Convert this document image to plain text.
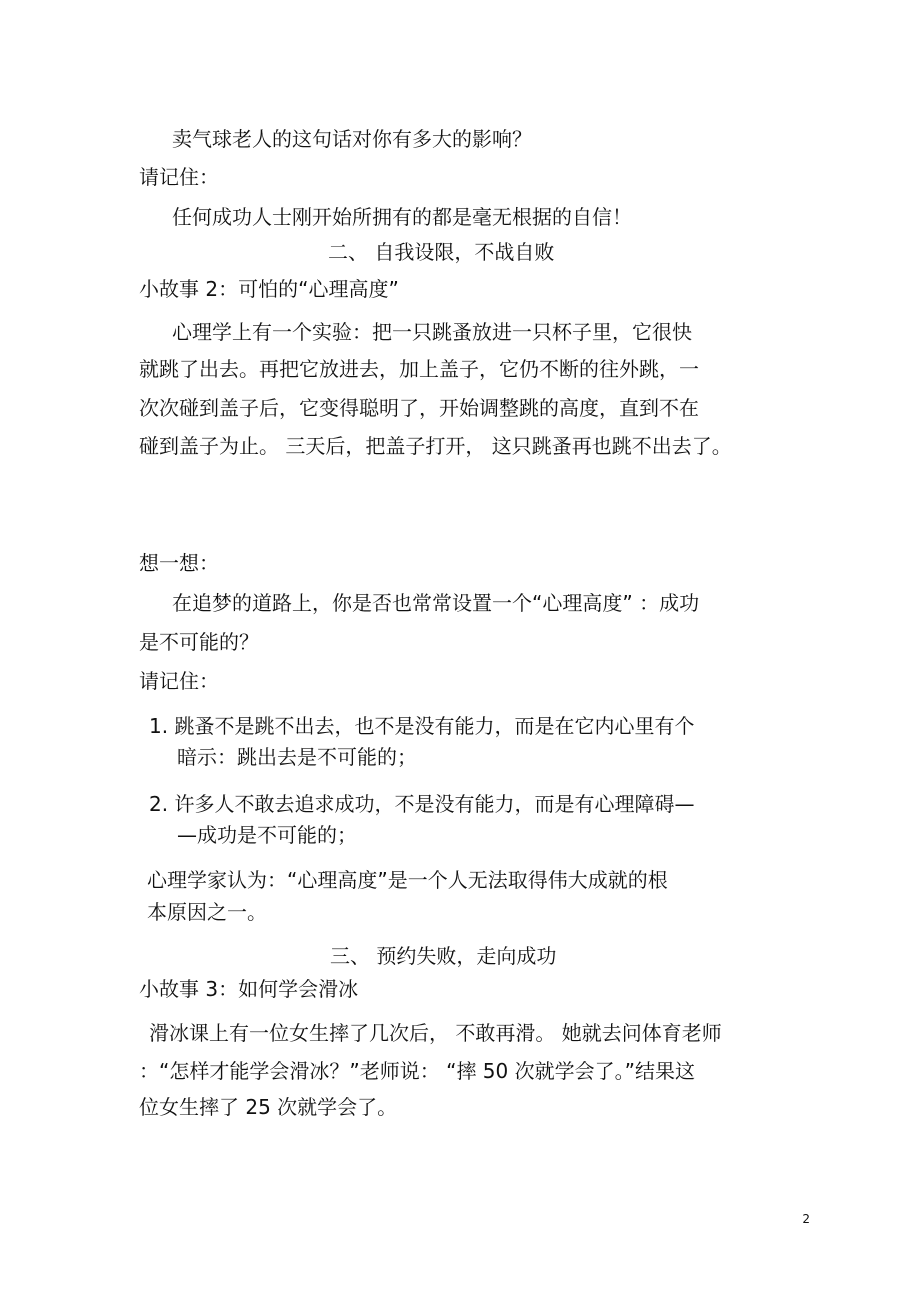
卖气球老人的这句话对你有多大的影响？
请记住：
任何成功人士刚开始所拥有的都是毫无根据的自信！
二、 自我设限，不战自败
小故事 2：可怕的“心理高度”
心理学上有一个实验：把一只跳蚤放进一只杯子里，它很快
就跳了出去。再把它放进去，加上盖子，它仍不断的往外跳，一
次次碰到盖子后，它变得聪明了，开始调整跳的高度，直到不在
碰到盖子为止。 三天后，把盖子打开， 这只跳蚤再也跳不出去了。
想一想：
在追梦的道路上，你是否也常常设置一个“心理高度” ：成功
是不可能的？
请记住：
1. 跳蚤不是跳不出去，也不是没有能力，而是在它内心里有个
暗示：跳出去是不可能的；
2. 许多人不敢去追求成功，不是没有能力，而是有心理障碍—
—成功是不可能的；
心理学家认为：“心理高度”是一个人无法取得伟大成就的根
本原因之一。
三、 预约失败，走向成功
小故事 3：如何学会滑冰
滑冰课上有一位女生摔了几次后， 不敢再滑。 她就去问体育老师
：“怎样才能学会滑冰？”老师说： “摔 50 次就学会了。”结果这
位女生摔了 25 次就学会了。
2
